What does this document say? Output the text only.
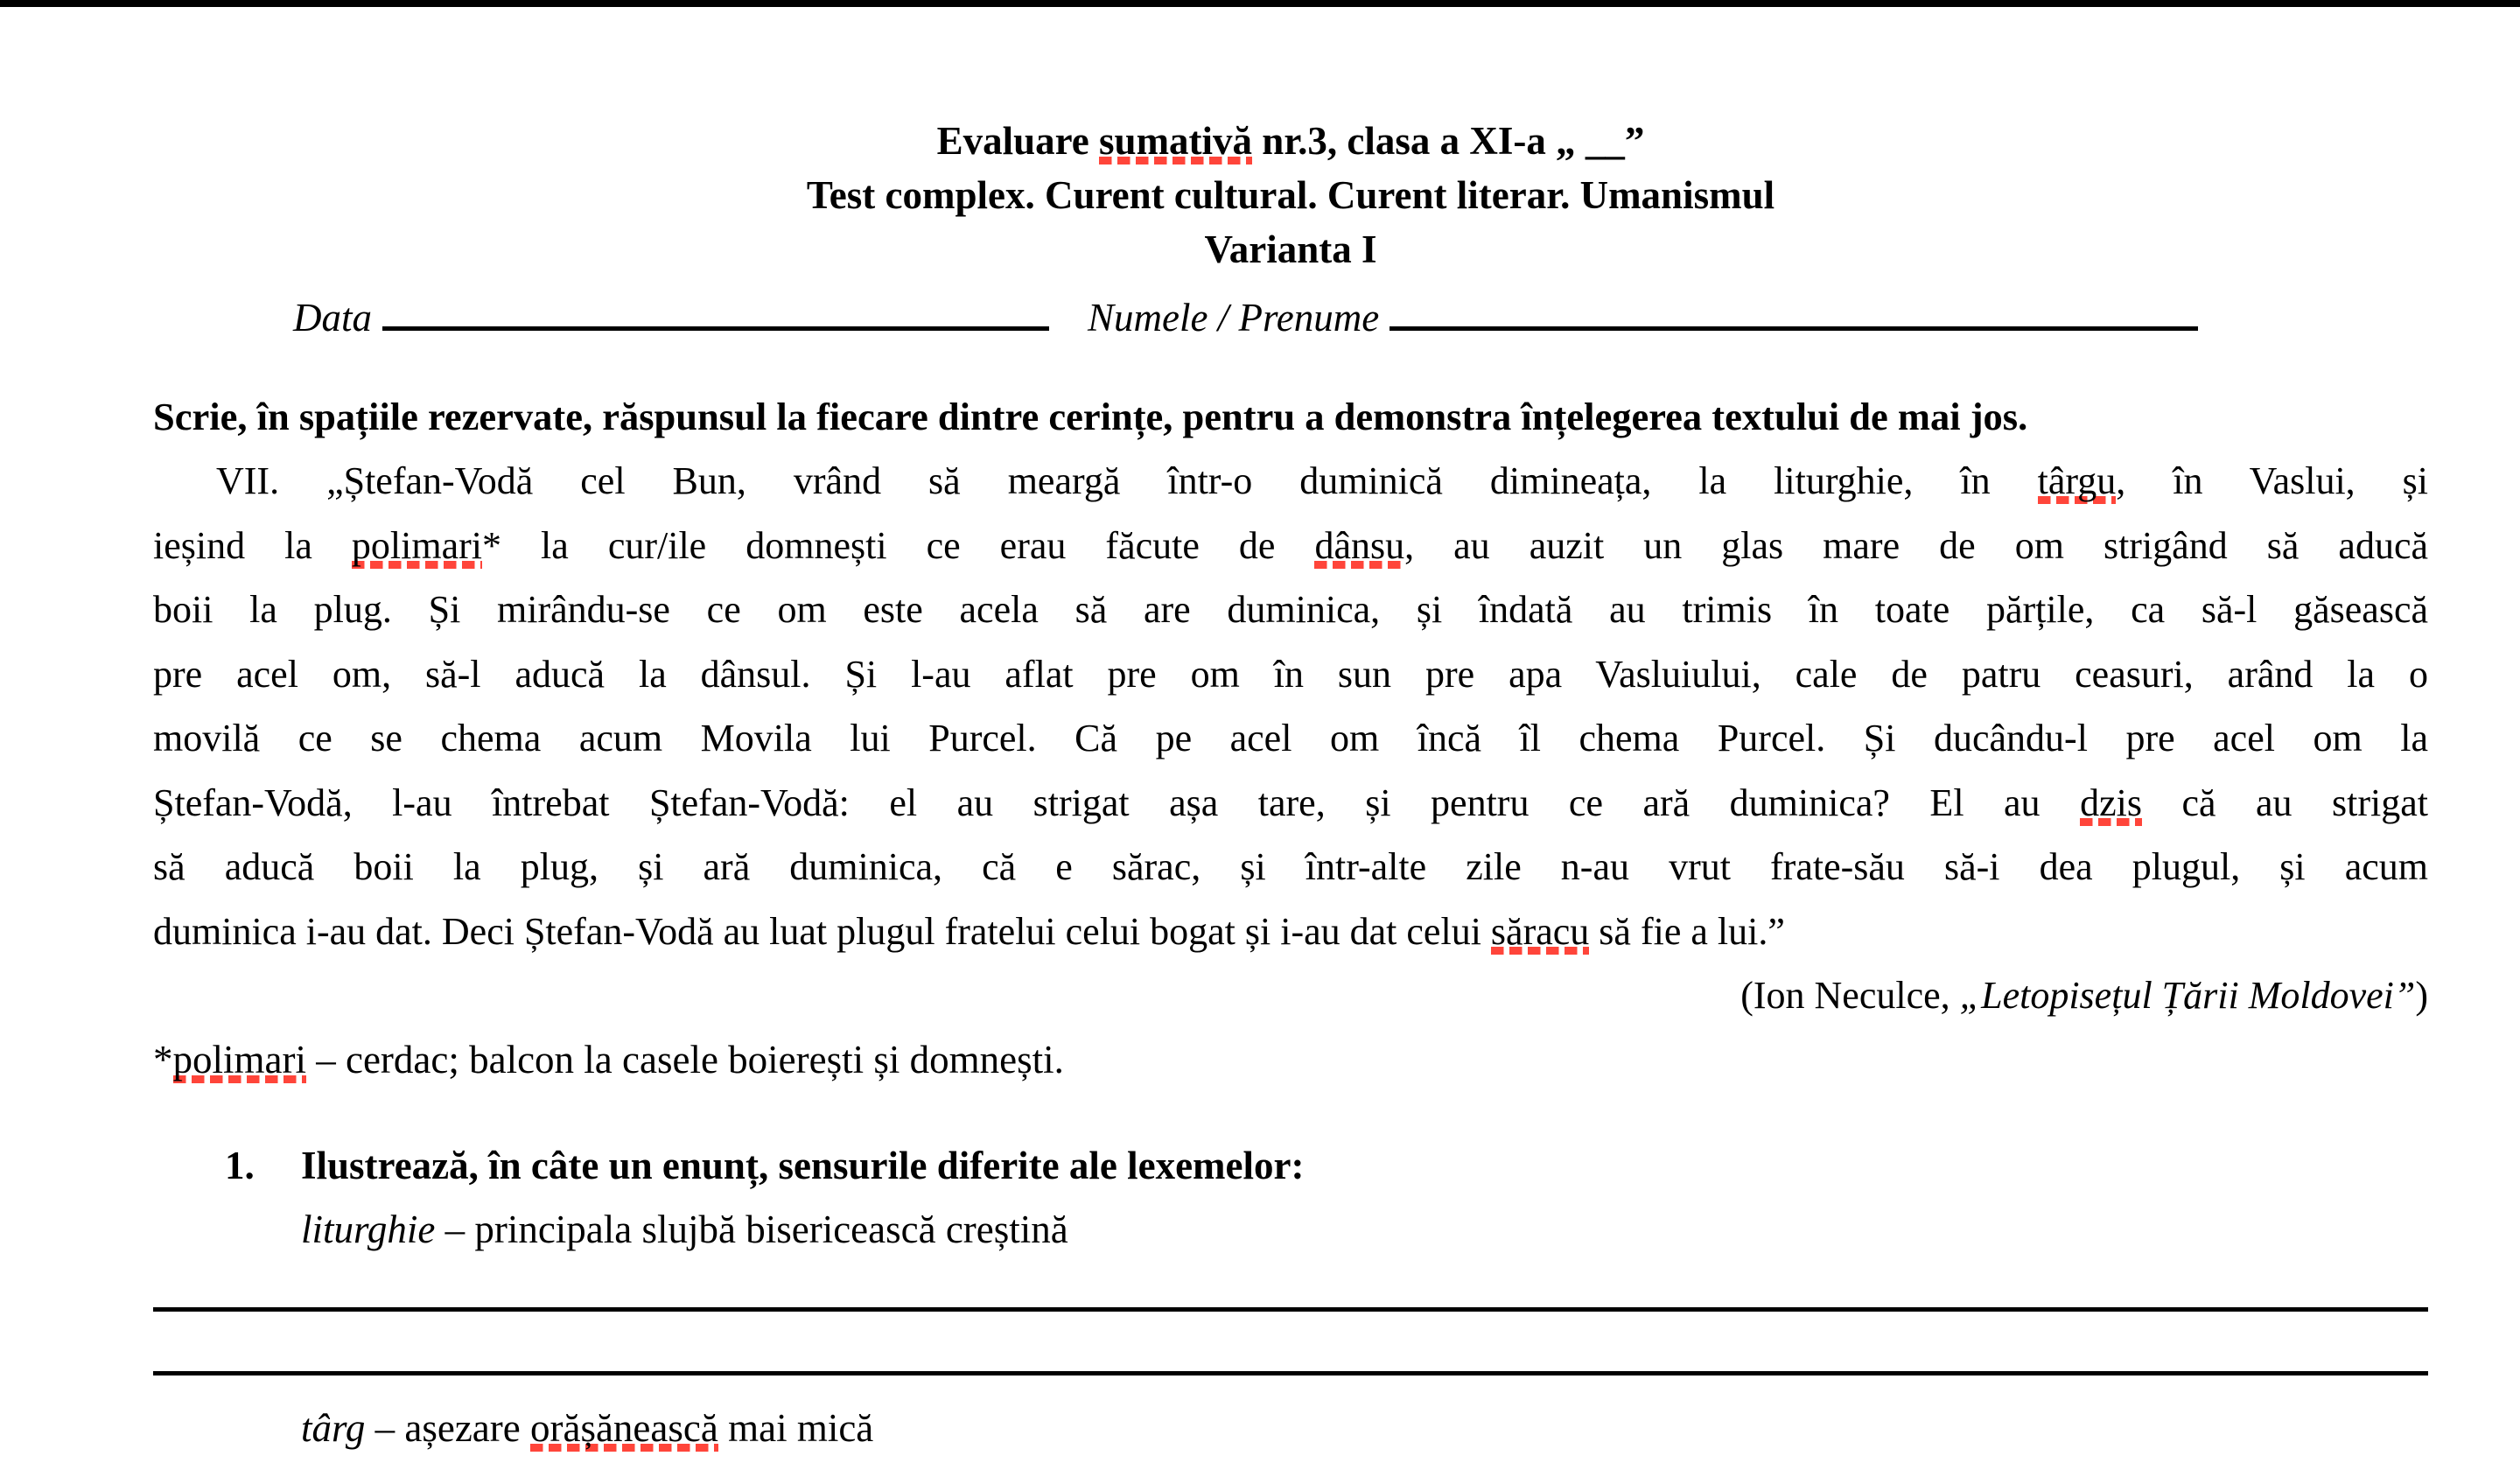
Evaluare sumativă nr.3, clasa a XI-a „ __”
Test complex. Curent cultural. Curent literar. Umanismul
Varianta I
Data	Numele / Prenume
Scrie, în spațiile rezervate, răspunsul la fiecare dintre cerințe, pentru a demonstra înțelegerea textului de mai jos.
VII. „Ștefan-Vodă cel Bun, vrând să meargă într-o duminică dimineața, la liturghie, în târgu, în Vaslui, și
ieșind la polimari* la cur/ile domnești ce erau făcute de dânsu, au auzit un glas mare de om strigând să aducă
boii la plug. Și mirându-se ce om este acela să are duminica, și îndată au trimis în toate părțile, ca să-l găsească
pre acel om, să-l aducă la dânsul. Și l-au aflat pre om în sun pre apa Vasluiului, cale de patru ceasuri, arând la o
movilă ce se chema acum Movila lui Purcel. Că pe acel om încă îl chema Purcel. Și ducându-l pre acel om la
Ștefan-Vodă, l-au întrebat Ștefan-Vodă: el au strigat așa tare, și pentru ce ară duminica? El au dzis că au strigat
să aducă boii la plug, și ară duminica, că e sărac, și într-alte zile n-au vrut frate-său să-i dea plugul, și acum
duminica i-au dat. Deci Ștefan-Vodă au luat plugul fratelui celui bogat și i-au dat celui săracu să fie a lui.”
(Ion Neculce, „Letopisețul Țării Moldovei”)
*polimari – cerdac; balcon la casele boierești și domnești.
1.	Ilustrează, în câte un enunț, sensurile diferite ale lexemelor:
liturghie – principala slujbă bisericească creștină
târg – așezare orășănească mai mică
